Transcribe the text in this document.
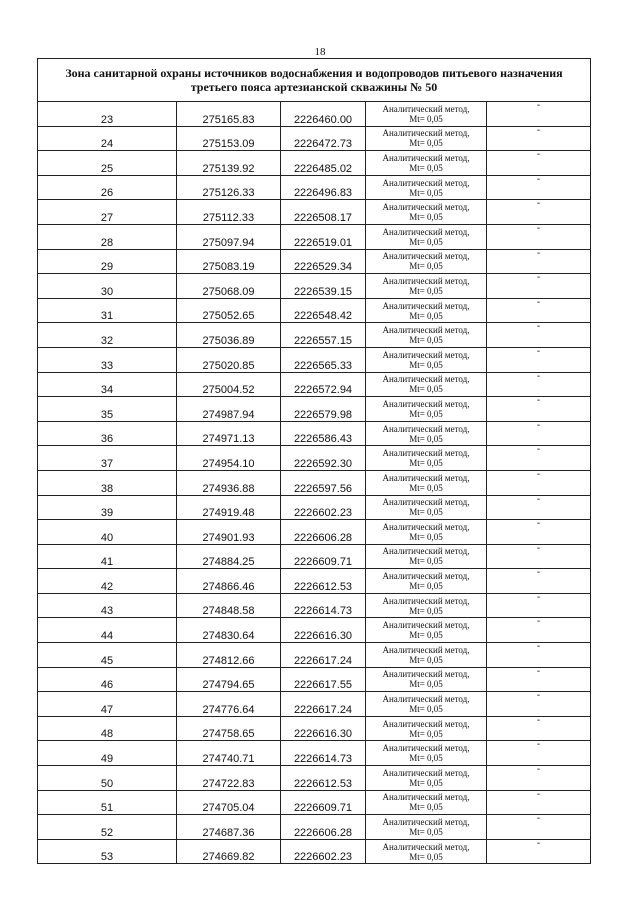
18
Зона санитарной охраны источников водоснабжения и водопроводов питьевого назначения
третьего пояса артезианской скважины № 50				

23	275165.83	2226460.00	Аналитический метод,
Mt= 0,05	-
24	275153.09	2226472.73	Аналитический метод,
Mt= 0,05	-
25	275139.92	2226485.02	Аналитический метод,
Mt= 0,05	-
26	275126.33	2226496.83	Аналитический метод,
Mt= 0,05	-
27	275112.33	2226508.17	Аналитический метод,
Mt= 0,05	-
28	275097.94	2226519.01	Аналитический метод,
Mt= 0,05	-
29	275083.19	2226529.34	Аналитический метод,
Mt= 0,05	-
30	275068.09	2226539.15	Аналитический метод,
Mt= 0,05	-
31	275052.65	2226548.42	Аналитический метод,
Mt= 0,05	-
32	275036.89	2226557.15	Аналитический метод,
Mt= 0,05	-
33	275020.85	2226565.33	Аналитический метод,
Mt= 0,05	-
34	275004.52	2226572.94	Аналитический метод,
Mt= 0,05	-
35	274987.94	2226579.98	Аналитический метод,
Mt= 0,05	-
36	274971.13	2226586.43	Аналитический метод,
Mt= 0,05	-
37	274954.10	2226592.30	Аналитический метод,
Mt= 0,05	-
38	274936.88	2226597.56	Аналитический метод,
Mt= 0,05	-
39	274919.48	2226602.23	Аналитический метод,
Mt= 0,05	-
40	274901.93	2226606.28	Аналитический метод,
Mt= 0,05	-
41	274884.25	2226609.71	Аналитический метод,
Mt= 0,05	-
42	274866.46	2226612.53	Аналитический метод,
Mt= 0,05	-
43	274848.58	2226614.73	Аналитический метод,
Mt= 0,05	-
44	274830.64	2226616.30	Аналитический метод,
Mt= 0,05	-
45	274812.66	2226617.24	Аналитический метод,
Mt= 0,05	-
46	274794.65	2226617.55	Аналитический метод,
Mt= 0,05	-
47	274776.64	2226617.24	Аналитический метод,
Mt= 0,05	-
48	274758.65	2226616.30	Аналитический метод,
Mt= 0,05	-
49	274740.71	2226614.73	Аналитический метод,
Mt= 0,05	-
50	274722.83	2226612.53	Аналитический метод,
Mt= 0,05	-
51	274705.04	2226609.71	Аналитический метод,
Mt= 0,05	-
52	274687.36	2226606.28	Аналитический метод,
Mt= 0,05	-
53	274669.82	2226602.23	Аналитический метод,
Mt= 0,05	-
